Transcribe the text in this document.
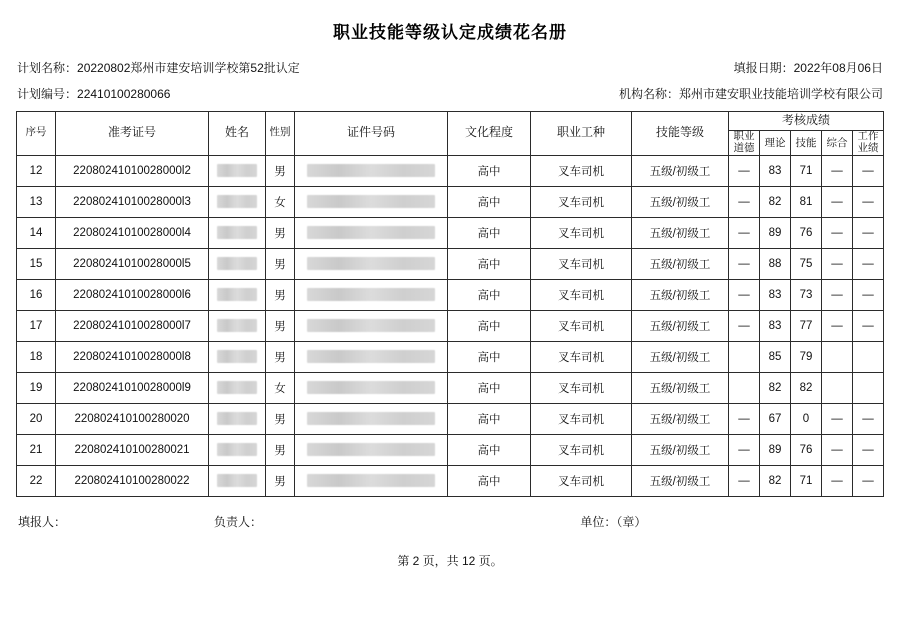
职业技能等级认定成绩花名册
计划名称：20220802郑州市建安培训学校第52批认定	填报日期：2022年08月06日
计划编号：22410100280066	机构名称：郑州市建安职业技能培训学校有限公司
序号	准考证号	姓名	性别	证件号码	文化程度	职业工种	技能等级	考核成绩				

								职业道德	理论	技能	综合	工作业绩

12	22080241010028000l2		男		高中	叉车司机	五级/初级工	—	83	71	—	—
13	22080241010028000l3		女		高中	叉车司机	五级/初级工	—	82	81	—	—
14	22080241010028000l4		男		高中	叉车司机	五级/初级工	—	89	76	—	—
15	22080241010028000l5		男		高中	叉车司机	五级/初级工	—	88	75	—	—
16	22080241010028000l6		男		高中	叉车司机	五级/初级工	—	83	73	—	—
17	22080241010028000l7		男		高中	叉车司机	五级/初级工	—	83	77	—	—
18	22080241010028000l8		男		高中	叉车司机	五级/初级工		85	79		
19	22080241010028000l9		女		高中	叉车司机	五级/初级工		82	82		
20	220802410100280020		男		高中	叉车司机	五级/初级工	—	67	0	—	—
21	220802410100280021		男		高中	叉车司机	五级/初级工	—	89	76	—	—
22	220802410100280022		男		高中	叉车司机	五级/初级工	—	82	71	—	—
填报人：	负责人：	单位：（章）
第 2 页，共 12 页。
